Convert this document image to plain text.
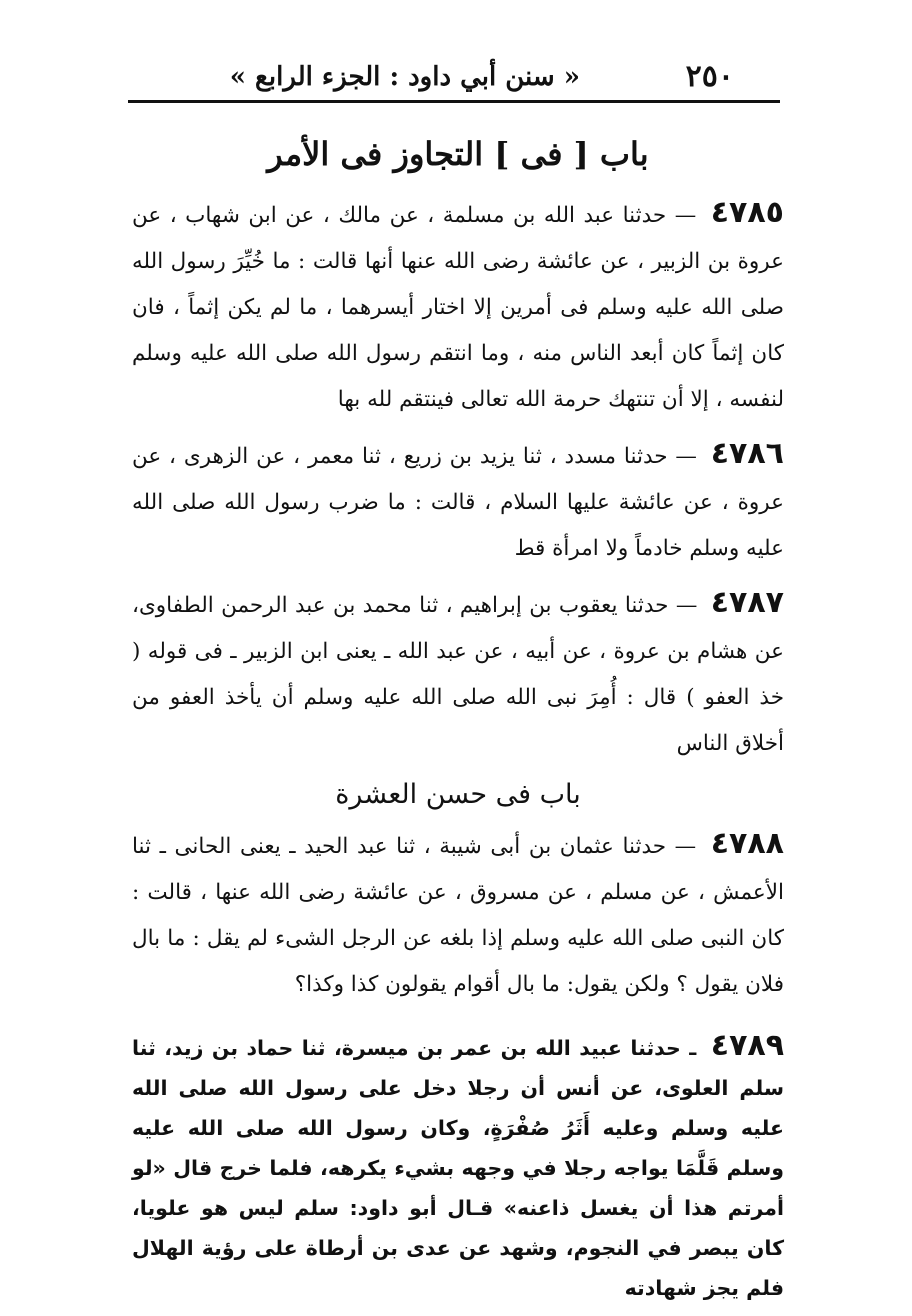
٢٥٠
« سنن أبي داود : الجزء الرابع »
باب [ فى ] التجاوز فى الأمر

٤٧٨٥ — حدثنا عبد الله بن مسلمة ، عن مالك ، عن ابن شهاب ، عن عروة بن الزبير ، عن عائشة رضى الله عنها أنها قالت : ما خُيِّرَ رسول الله صلى الله عليه وسلم فى أمرين إلا اختار أيسرهما ، ما لم يكن إثماً ، فان كان إثماً كان أبعد الناس منه ، وما انتقم رسول الله صلى الله عليه وسلم لنفسه ، إلا أن تنتهك حرمة الله تعالى فينتقم لله بها

٤٧٨٦ — حدثنا مسدد ، ثنا يزيد بن زريع ، ثنا معمر ، عن الزهرى ، عن عروة ، عن عائشة عليها السلام ، قالت : ما ضرب رسول الله صلى الله عليه وسلم خادماً ولا امرأة قط

٤٧٨٧ — حدثنا يعقوب بن إبراهيم ، ثنا محمد بن عبد الرحمن الطفاوى، عن هشام بن عروة ، عن أبيه ، عن عبد الله ـ يعنى ابن الزبير ـ فى قوله ( خذ العفو ) قال : أُمِرَ نبى الله صلى الله عليه وسلم أن يأخذ العفو من أخلاق الناس

باب فى حسن العشرة

٤٧٨٨ — حدثنا عثمان بن أبى شيبة ، ثنا عبد الحيد ـ يعنى الحانى ـ ثنا الأعمش ، عن مسلم ، عن مسروق ، عن عائشة رضى الله عنها ، قالت : كان النبى صلى الله عليه وسلم إذا بلغه عن الرجل الشىء لم يقل : ما بال فلان يقول ؟ ولكن يقول: ما بال أقوام يقولون كذا وكذا؟

٤٧٨٩ ـ حدثنا عبيد الله بن عمر بن ميسرة، ثنا حماد بن زيد، ثنا سلم العلوى، عن أنس أن رجلا دخل على رسول الله صلى الله عليه وسلم وعليه أَثَرُ صُفْرَةٍ، وكان رسول الله صلى الله عليه وسلم قَلَّمَا يواجه رجلا في وجهه بشيء يكرهه، فلما خرج قال «لو أمرتم هذا أن يغسل ذاعنه» قـال أبو داود: سلم ليس هو علويا، كان يبصر في النجوم، وشهد عن عدى بن أرطاة على رؤية الهلال فلم يجز شهادته
